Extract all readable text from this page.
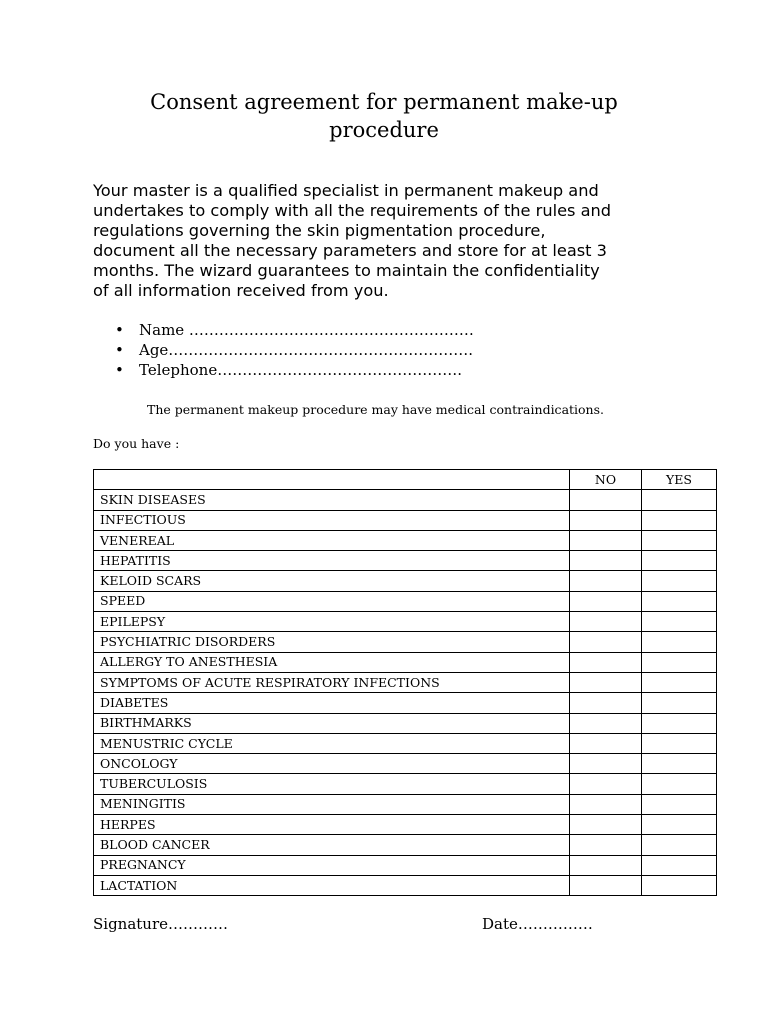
Consent agreement for permanent make-up
procedure
Your master is a qualified specialist in permanent makeup and
undertakes to comply with all the requirements of the rules and
regulations governing the skin pigmentation procedure,
document all the necessary parameters and store for at least 3
months. The wizard guarantees to maintain the confidentiality
of all information received from you.
• Name …………………………………………………
• Age…………………………………………………….
• Telephone………………………………………….
The permanent makeup procedure may have medical contraindications.
Do you have :
	NO	YES
SKIN DISEASES		
INFECTIOUS		
VENEREAL		
HEPATITIS		
KELOID SCARS		
SPEED		
EPILEPSY		
PSYCHIATRIC DISORDERS		
ALLERGY TO ANESTHESIA		
SYMPTOMS OF ACUTE RESPIRATORY INFECTIONS		
DIABETES		
BIRTHMARKS		
MENUSTRIC CYCLE		
ONCOLOGY		
TUBERCULOSIS		
MENINGITIS		
HERPES		
BLOOD CANCER		
PREGNANCY		
LACTATION		
Signature…………	Date……………
